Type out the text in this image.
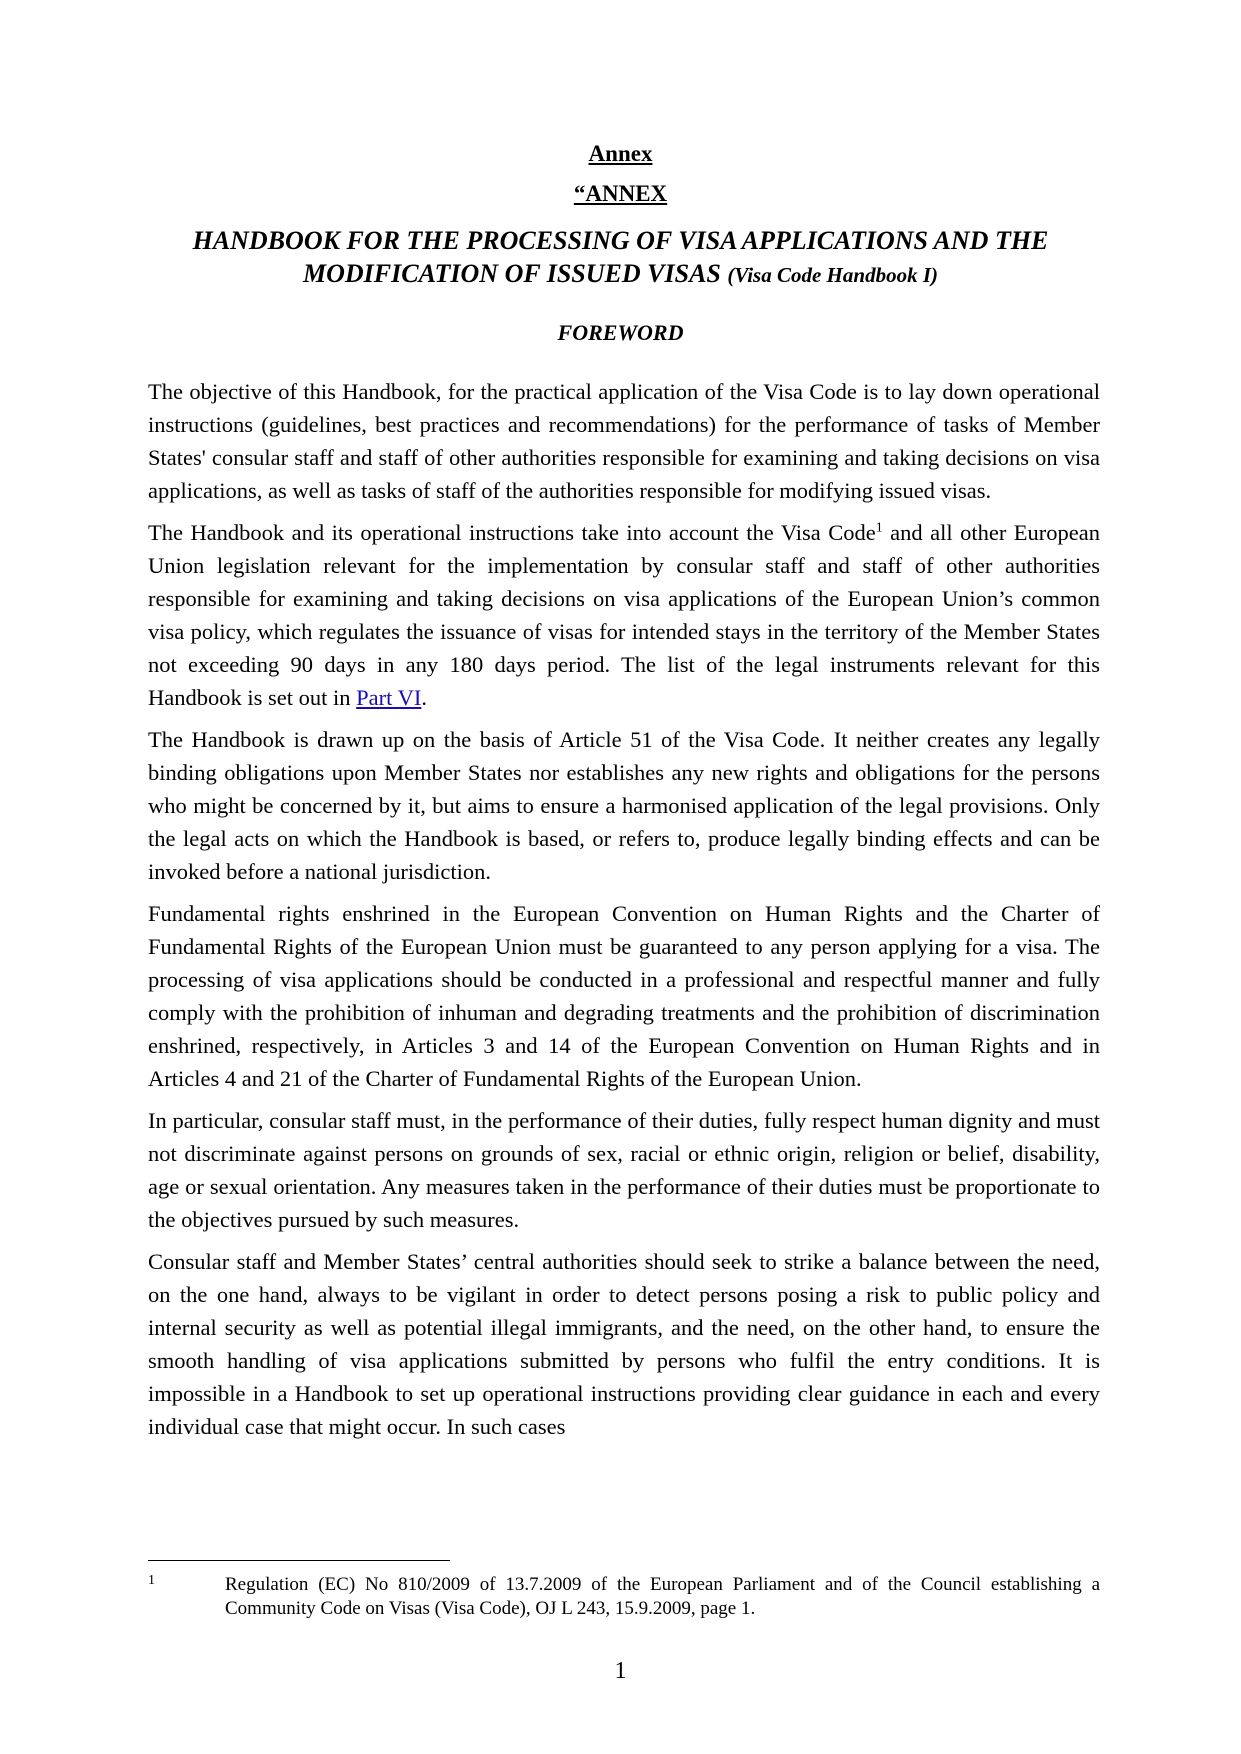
Annex
“ANNEX
HANDBOOK FOR THE PROCESSING OF VISA APPLICATIONS AND THE MODIFICATION OF ISSUED VISAS (Visa Code Handbook I)
FOREWORD

The objective of this Handbook, for the practical application of the Visa Code is to lay down operational instructions (guidelines, best practices and recommendations) for the performance of tasks of Member States' consular staff and staff of other authorities responsible for examining and taking decisions on visa applications, as well as tasks of staff of the authorities responsible for modifying issued visas.

The Handbook and its operational instructions take into account the Visa Code$^1$ and all other European Union legislation relevant for the implementation by consular staff and staff of other authorities responsible for examining and taking decisions on visa applications of the European Union’s common visa policy, which regulates the issuance of visas for intended stays in the territory of the Member States not exceeding 90 days in any 180 days period. The list of the legal instruments relevant for this Handbook is set out in Part VI.

The Handbook is drawn up on the basis of Article 51 of the Visa Code. It neither creates any legally binding obligations upon Member States nor establishes any new rights and obligations for the persons who might be concerned by it, but aims to ensure a harmonised application of the legal provisions. Only the legal acts on which the Handbook is based, or refers to, produce legally binding effects and can be invoked before a national jurisdiction.

Fundamental rights enshrined in the European Convention on Human Rights and the Charter of Fundamental Rights of the European Union must be guaranteed to any person applying for a visa. The processing of visa applications should be conducted in a professional and respectful manner and fully comply with the prohibition of inhuman and degrading treatments and the prohibition of discrimination enshrined, respectively, in Articles 3 and 14 of the European Convention on Human Rights and in Articles 4 and 21 of the Charter of Fundamental Rights of the European Union.

In particular, consular staff must, in the performance of their duties, fully respect human dignity and must not discriminate against persons on grounds of sex, racial or ethnic origin, religion or belief, disability, age or sexual orientation. Any measures taken in the performance of their duties must be proportionate to the objectives pursued by such measures.

Consular staff and Member States’ central authorities should seek to strike a balance between the need, on the one hand, always to be vigilant in order to detect persons posing a risk to public policy and internal security as well as potential illegal immigrants, and the need, on the other hand, to ensure the smooth handling of visa applications submitted by persons who fulfil the entry conditions. It is impossible in a Handbook to set up operational instructions providing clear guidance in each and every individual case that might occur. In such cases

1	Regulation (EC) No 810/2009 of 13.7.2009 of the European Parliament and of the Council establishing a Community Code on Visas (Visa Code), OJ L 243, 15.9.2009, page 1.
1
